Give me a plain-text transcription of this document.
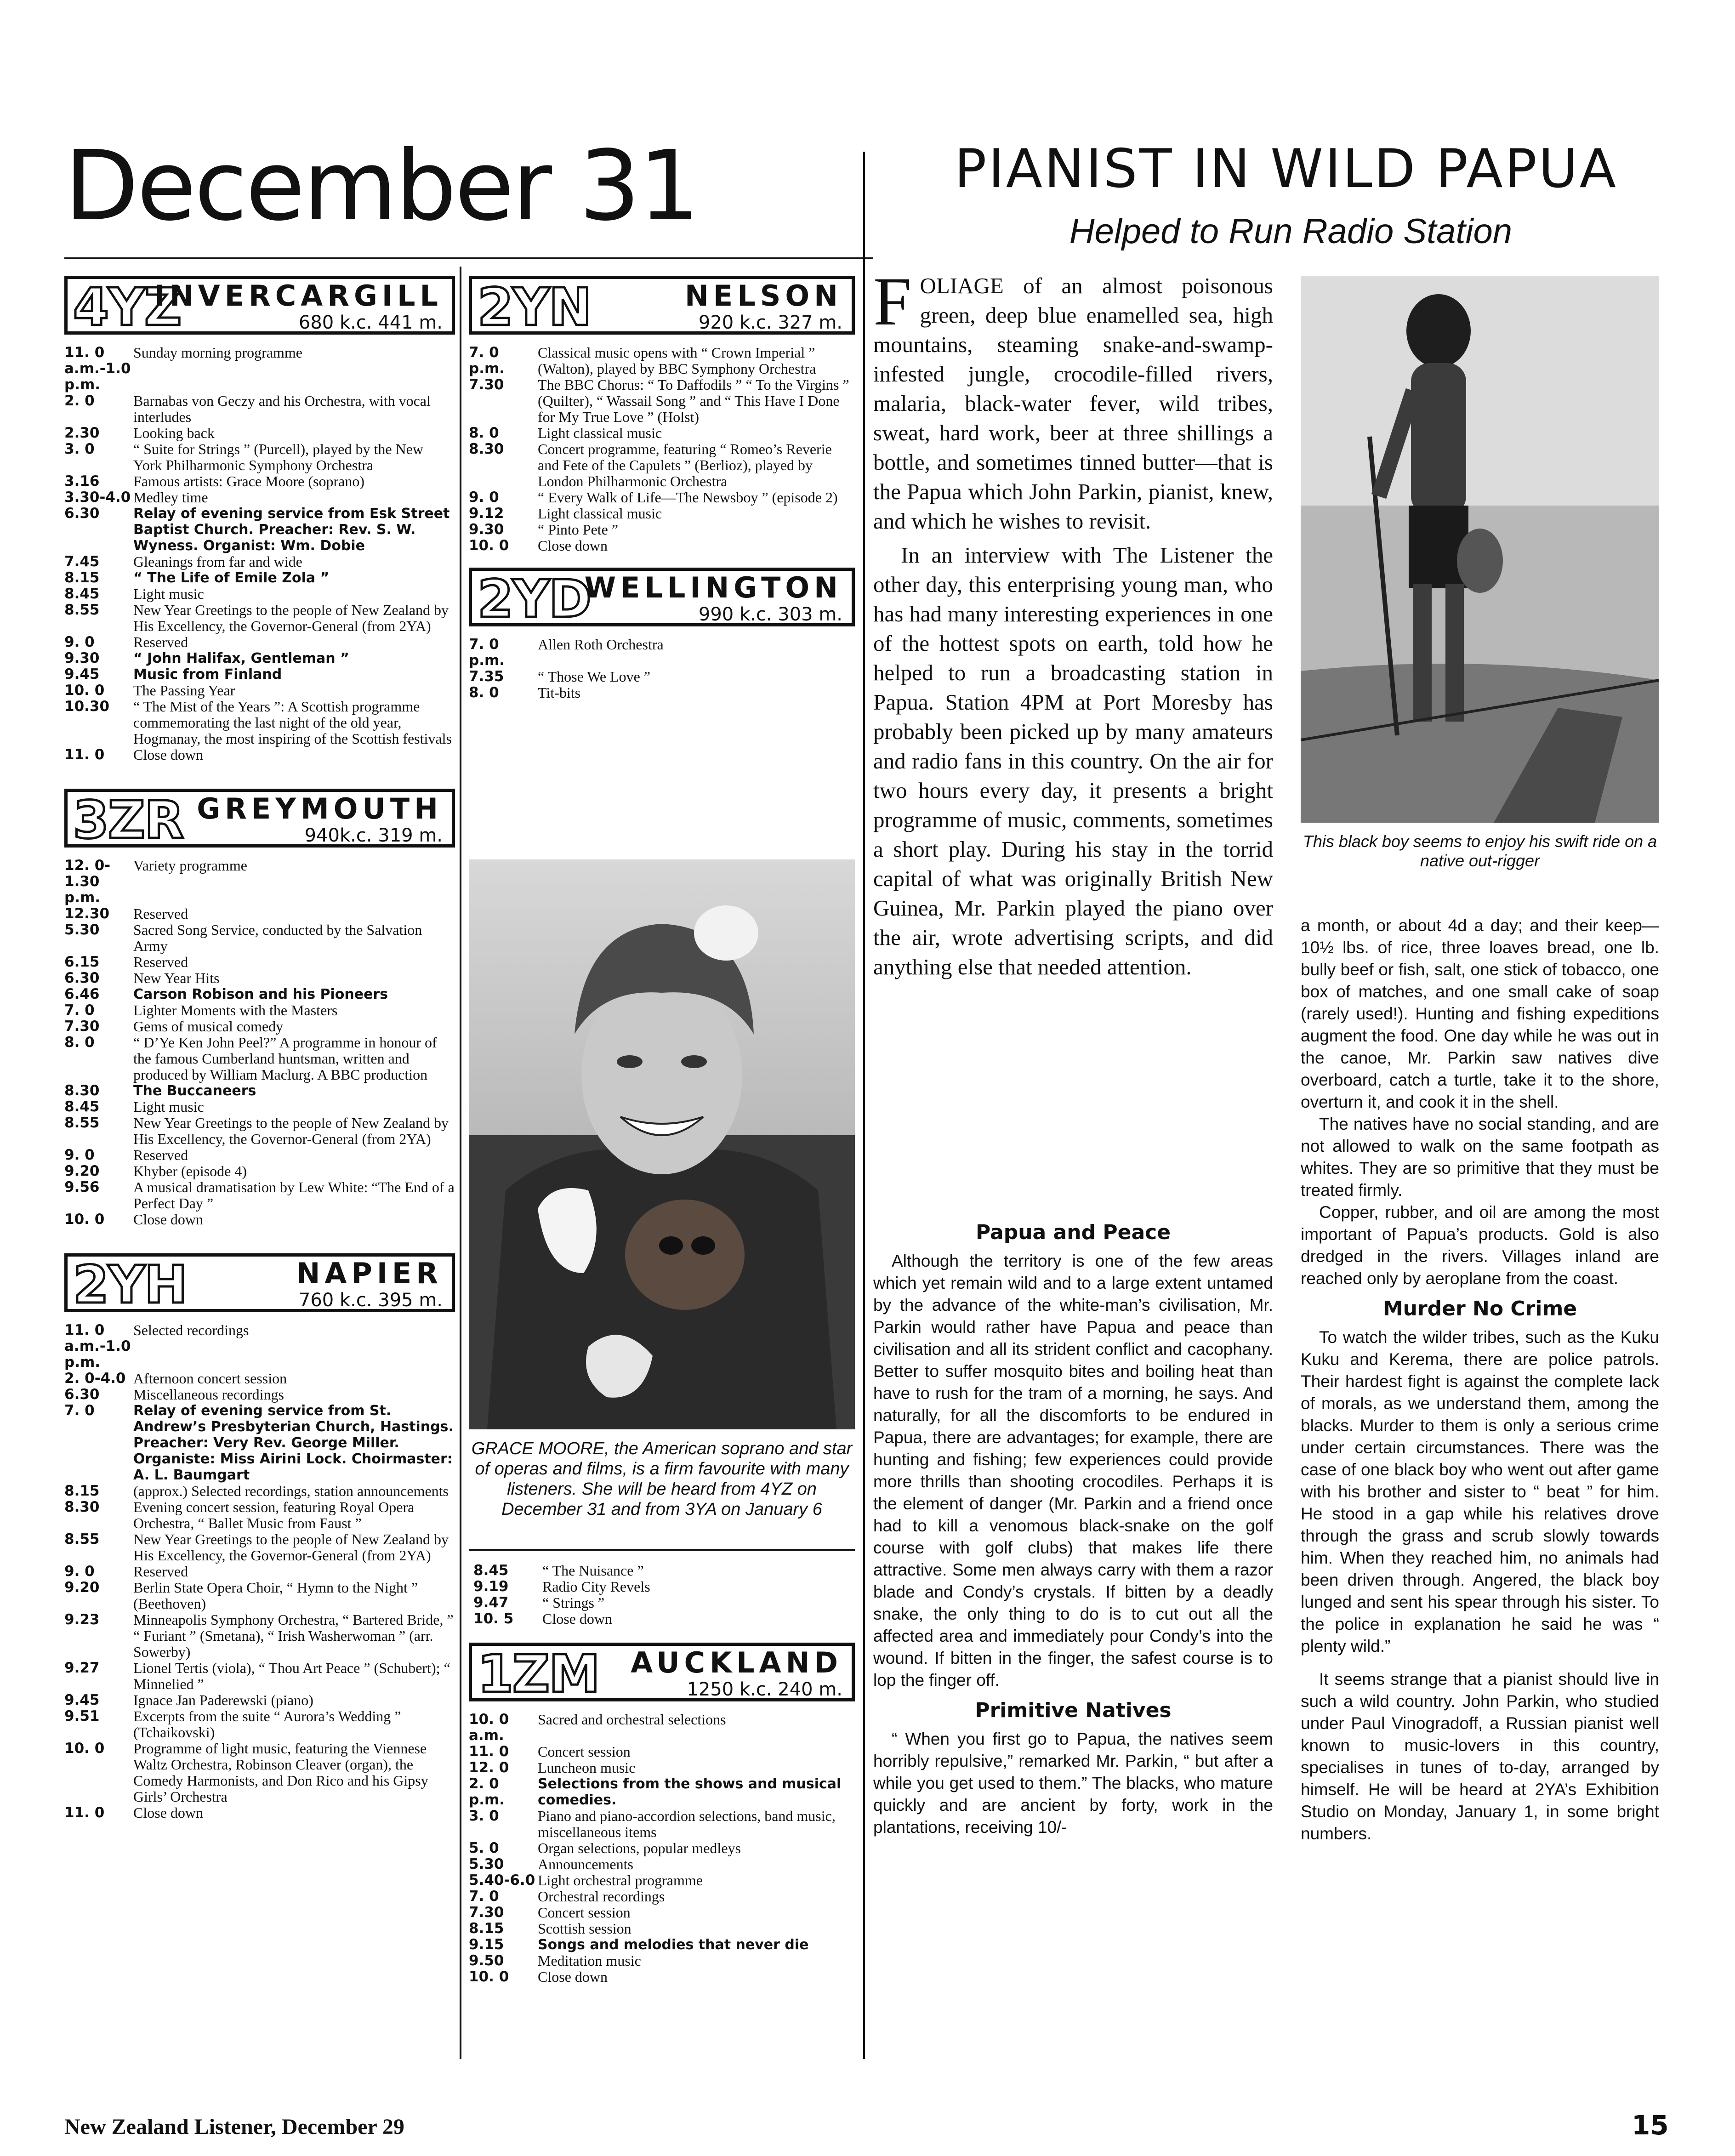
December 31
4YZ
INVERCARGILL
680 k.c. 441 m.
11. 0 a.m.-1.0 p.m.	Sunday morning programme
2. 0	Barnabas von Geczy and his Orchestra, with vocal interludes
2.30	Looking back
3. 0	“ Suite for Strings ” (Purcell), played by the New York Philharmonic Symphony Orchestra
3.16	Famous artists: Grace Moore (soprano)
3.30-4.0	Medley time
6.30	Relay of evening service from Esk Street Baptist Church. Preacher: Rev. S. W. Wyness. Organist: Wm. Dobie
7.45	Gleanings from far and wide
8.15	“ The Life of Emile Zola ”
8.45	Light music
8.55	New Year Greetings to the people of New Zealand by His Excellency, the Governor-General (from 2YA)
9. 0	Reserved
9.30	“ John Halifax, Gentleman ”
9.45	Music from Finland
10. 0	The Passing Year
10.30	“ The Mist of the Years ”: A Scottish programme commemorating the last night of the old year, Hogmanay, the most inspiring of the Scottish festivals
11. 0	Close down
3ZR GREYMOUTH
940k.c. 319 m.
12. 0-1.30 p.m.	Variety programme
12.30	Reserved
5.30	Sacred Song Service, conducted by the Salvation Army
6.15	Reserved
6.30	New Year Hits
6.46	Carson Robison and his Pioneers
7. 0	Lighter Moments with the Masters
7.30	Gems of musical comedy
8. 0	“ D’Ye Ken John Peel?” A programme in honour of the famous Cumberland huntsman, written and produced by William Maclurg. A BBC production
8.30	The Buccaneers
8.45	Light music
8.55	New Year Greetings to the people of New Zealand by His Excellency, the Governor-General (from 2YA)
9. 0	Reserved
9.20	Khyber (episode 4)
9.56	A musical dramatisation by Lew White: “The End of a Perfect Day ”
10. 0	Close down
2YH	NAPIER
760 k.c. 395 m.
11. 0 a.m.-1.0 p.m.	Selected recordings
2. 0-4.0	Afternoon concert session
6.30	Miscellaneous recordings
7. 0	Relay of evening service from St. Andrew’s Presbyterian Church, Hastings. Preacher: Very Rev. George Miller. Organiste: Miss Airini Lock. Choirmaster: A. L. Baumgart
8.15	(approx.) Selected recordings, station announcements
8.30	Evening concert session, featuring Royal Opera Orchestra, “ Ballet Music from Faust ”
8.55	New Year Greetings to the people of New Zealand by His Excellency, the Governor-General (from 2YA)
9. 0	Reserved
9.20	Berlin State Opera Choir, “ Hymn to the Night ” (Beethoven)
9.23	Minneapolis Symphony Orchestra, “ Bartered Bride, ” “ Furiant ” (Smetana), “ Irish Washerwoman ” (arr. Sowerby)
9.27	Lionel Tertis (viola), “ Thou Art Peace ” (Schubert); “ Minnelied ”
9.45	Ignace Jan Paderewski (piano)
9.51	Excerpts from the suite “ Aurora’s Wedding ” (Tchaikovski)
10. 0	Programme of light music, featuring the Viennese Waltz Orchestra, Robinson Cleaver (organ), the Comedy Harmonists, and Don Rico and his Gipsy Girls’ Orchestra
11. 0	Close down
2YN	NELSON
920 k.c. 327 m.
7. 0 p.m.	Classical music opens with “ Crown Imperial ” (Walton), played by BBC Symphony Orchestra
7.30	The BBC Chorus: “ To Daffodils ” “ To the Virgins ” (Quilter), “ Wassail Song ” and “ This Have I Done for My True Love ” (Holst)
8. 0	Light classical music
8.30	Concert programme, featuring “ Romeo’s Reverie and Fete of the Capulets ” (Berlioz), played by London Philharmonic Orchestra
9. 0	“ Every Walk of Life—The Newsboy ” (episode 2)
9.12	Light classical music
9.30	“ Pinto Pete ”
10. 0	Close down
2YD
WELLINGTON
990 k.c. 303 m.
7. 0 p.m.	Allen Roth Orchestra
7.35	“ Those We Love ”
8. 0	Tit-bits
GRACE MOORE, the American soprano and star of operas and films, is a firm favourite with many listeners. She will be heard from 4YZ on December 31 and from 3YA on January 6
8.45	“ The Nuisance ”
9.19	Radio City Revels
9.47	“ Strings ”
10. 5	Close down
1ZM AUCKLAND
1250 k.c. 240 m.
10. 0 a.m.	Sacred and orchestral selections
11. 0	Concert session
12. 0	Luncheon music
2. 0 p.m.	Selections from the shows and musical comedies.
3. 0	Piano and piano-accordion selections, band music, miscellaneous items
5. 0	Organ selections, popular medleys
5.30	Announcements
5.40-6.0	Light orchestral programme
7. 0	Orchestral recordings
7.30	Concert session
8.15	Scottish session
9.15	Songs and melodies that never die
9.50	Meditation music
10. 0	Close down
PIANIST IN WILD PAPUA
Helped to Run Radio Station

FOLIAGE of an almost poisonous green, deep blue enamelled sea, high mountains, steaming snake-and-swamp-infested jungle, crocodile-filled rivers, malaria, black-water fever, wild tribes, sweat, hard work, beer at three shillings a bottle, and sometimes tinned butter—that is the Papua which John Parkin, pianist, knew, and which he wishes to revisit.

In an interview with The Listener the other day, this enterprising young man, who has had many interesting experiences in one of the hottest spots on earth, told how he helped to run a broadcasting station in Papua. Station 4PM at Port Moresby has probably been picked up by many amateurs and radio fans in this country. On the air for two hours every day, it presents a bright programme of music, comments, sometimes a short play. During his stay in the torrid capital of what was originally British New Guinea, Mr. Parkin played the piano over the air, wrote advertising scripts, and did anything else that needed attention.

Papua and Peace

Although the territory is one of the few areas which yet remain wild and to a large extent untamed by the advance of the white-man’s civilisation, Mr. Parkin would rather have Papua and peace than civilisation and all its strident conflict and cacophany. Better to suffer mosquito bites and boiling heat than have to rush for the tram of a morning, he says. And naturally, for all the discomforts to be endured in Papua, there are advantages; for example, there are hunting and fishing; few experiences could provide more thrills than shooting crocodiles. Perhaps it is the element of danger (Mr. Parkin and a friend once had to kill a venomous black-snake on the golf course with golf clubs) that makes life there attractive. Some men always carry with them a razor blade and Condy’s crystals. If bitten by a deadly snake, the only thing to do is to cut out all the affected area and immediately pour Condy’s into the wound. If bitten in the finger, the safest course is to lop the finger off.

Primitive Natives

“ When you first go to Papua, the natives seem horribly repulsive,” remarked Mr. Parkin, “ but after a while you get used to them.” The blacks, who mature quickly and are ancient by forty, work in the plantations, receiving 10/-

This black boy seems to enjoy his swift ride on a native out-rigger

a month, or about 4d a day; and their keep—10½ lbs. of rice, three loaves bread, one lb. bully beef or fish, salt, one stick of tobacco, one box of matches, and one small cake of soap (rarely used!). Hunting and fishing expeditions augment the food. One day while he was out in the canoe, Mr. Parkin saw natives dive overboard, catch a turtle, take it to the shore, overturn it, and cook it in the shell.

The natives have no social standing, and are not allowed to walk on the same footpath as whites. They are so primitive that they must be treated firmly.

Copper, rubber, and oil are among the most important of Papua’s products. Gold is also dredged in the rivers. Villages inland are reached only by aeroplane from the coast.

Murder No Crime

To watch the wilder tribes, such as the Kuku Kuku and Kerema, there are police patrols. Their hardest fight is against the complete lack of morals, as we understand them, among the blacks. Murder to them is only a serious crime under certain circumstances. There was the case of one black boy who went out after game with his brother and sister to “ beat ” for him. He stood in a gap while his relatives drove through the grass and scrub slowly towards him. When they reached him, no animals had been driven through. Angered, the black boy lunged and sent his spear through his sister. To the police in explanation he said he was “ plenty wild.”

It seems strange that a pianist should live in such a wild country. John Parkin, who studied under Paul Vinogradoff, a Russian pianist well known to music-lovers in this country, specialises in tunes of to-day, arranged by himself. He will be heard at 2YA’s Exhibition Studio on Monday, January 1, in some bright numbers.

New Zealand Listener, December 29	15
